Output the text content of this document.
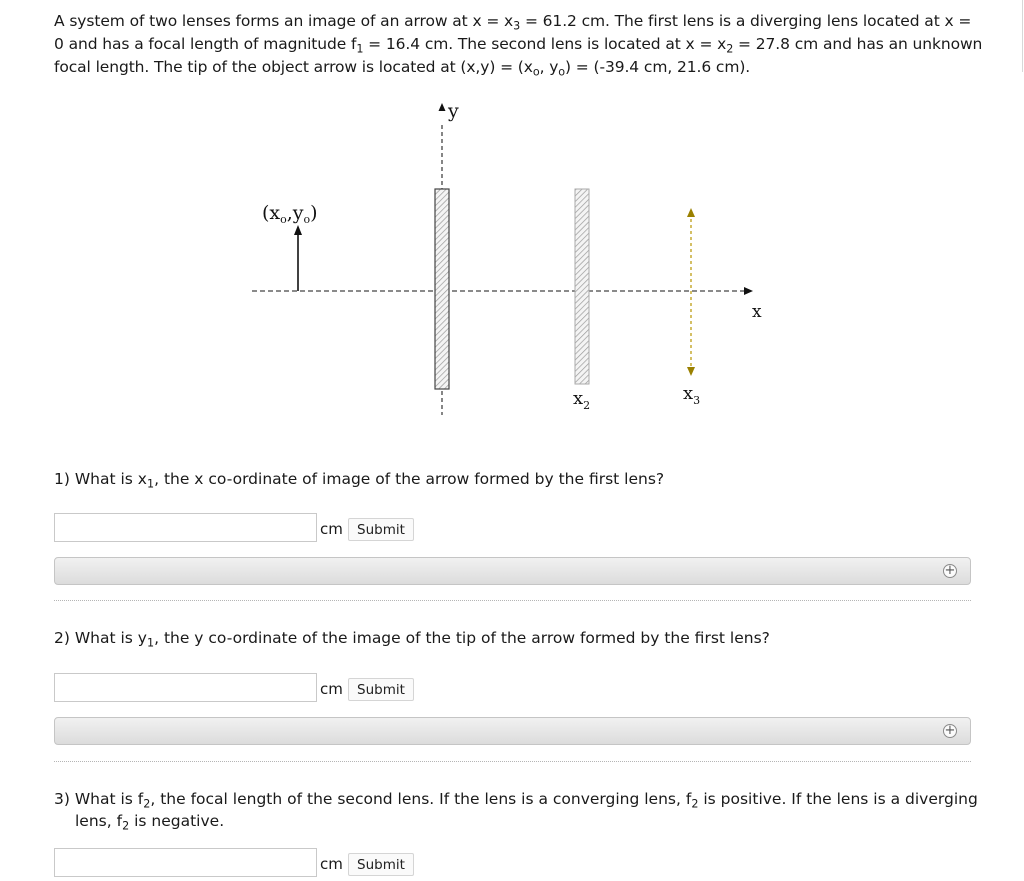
A system of two lenses forms an image of an arrow at $x = x_3 = 61.2$ cm. The first lens is a diverging lens located at x = 0 and has a focal length of magnitude $f_1 = 16.4$ cm. The second lens is located at $x = x_2 = 27.8$ cm and has an unknown focal length. The tip of the object arrow is located at $(x,y) = (x_o$, $y_o) = (-39.4$ cm, 21.6 cm).
y
x
$(x_o,y_o)$
$x_2$
$x_3$
1) What is $x_1$, the x co-ordinate of image of the arrow formed by the first lens?
cm	Submit
+
2) What is $y_1$, the y co-ordinate of the image of the tip of the arrow formed by the first lens?
cm	Submit
+
3) What is $f_2$, the focal length of the second lens. If the lens is a converging lens, $f_2$ is positive. If the lens is a diverging lens, $f_2$ is negative.
cm	Submit
